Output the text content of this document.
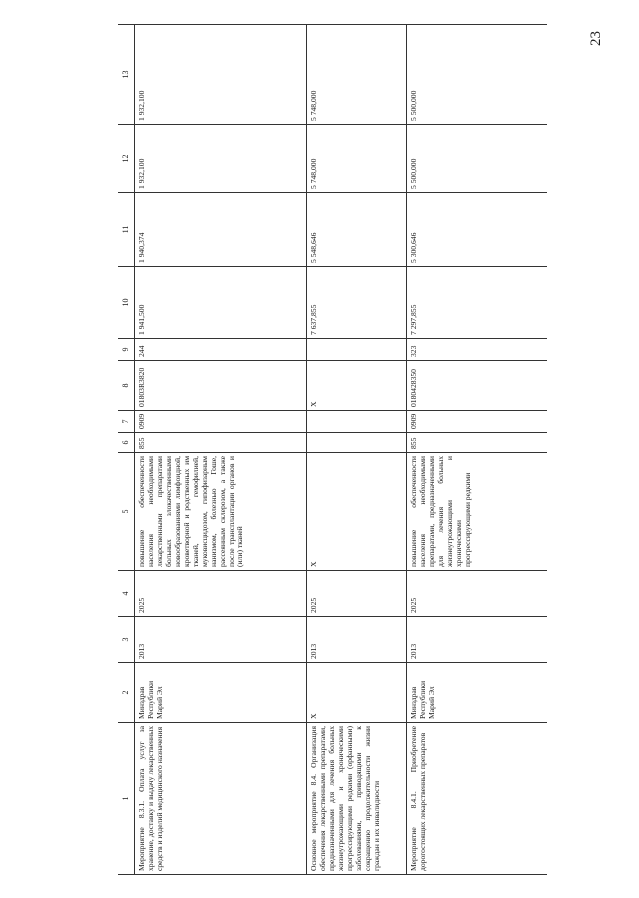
23
1	2	3	4	5	6	7	8	9	10	11	12	13
Мероприятие 8.3.1. Оплата услуг за хранение, доставку и выдачу лекарственных средств и изделий медицинского назначения	Минздрав Республики Марий Эл	2013	2025	повышение обеспеченности населения необходимыми лекарственными препаратами больных злокачественными новообразованиями лимфоидной, кроветворной и родственных им тканей, гемофилией, муковисцидозом, гипофизарным нанизмом, болезнью Гоше, рассеянным склерозом, а также после трансплантации органов и (или) тканей	855	0909	01803R3820	244	1 941,500	1 940,374	1 932,100	1 932,100
Основное мероприятие 8.4. Организация обеспечения лекарственными препаратами, предназначенными для лечения больных жизнеугрожающими и хроническими прогрессирующими редкими (орфанными) заболеваниями, приводящими к сокращению продолжительности жизни граждан и их инвалидности	Х	2013	2025	Х			Х		7 637,855	5 548,646	5 748,000	5 748,000
Мероприятие 8.4.1. Приобретение дорогостоящих лекарственных препаратов	Минздрав Республики Марий Эл	2013	2025	повышение обеспеченности населения необходимыми препаратами, предназначенными для лечения больных жизнеугрожающими и хроническими прогрессирующими редкими	855	0909	0180428350	323	7 297,855	5 300,646	5 500,000	5 500,000
